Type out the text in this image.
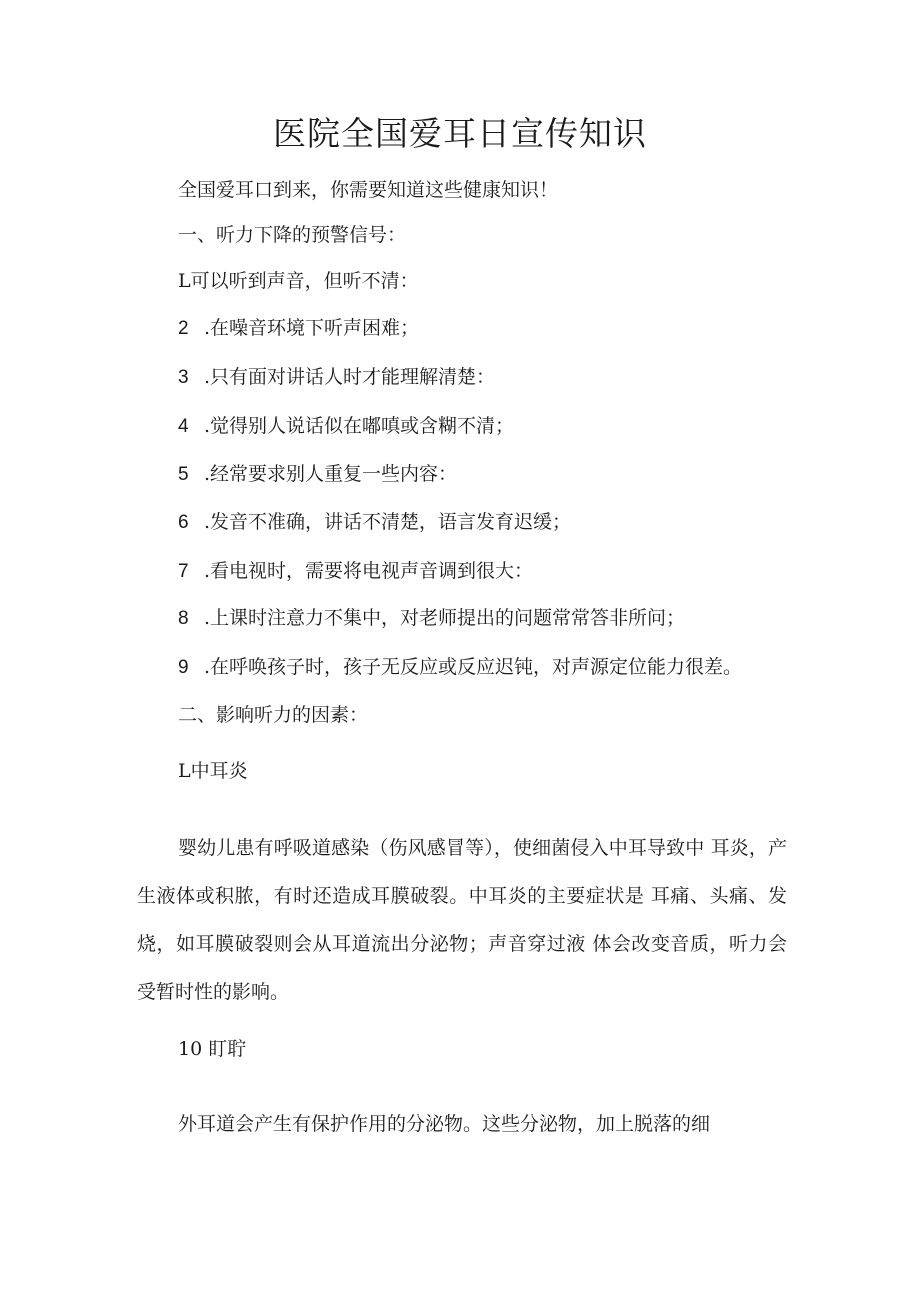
医院全国爱耳日宣传知识

全国爱耳口到来，你需要知道这些健康知识！

一、听力下降的预警信号：

L可以听到声音，但听不清：

2 .在噪音环境下听声困难；

3 .只有面对讲话人时才能理解清楚：

4 .觉得别人说话似在嘟嗔或含糊不清；

5 .经常要求别人重复一些内容：

6 .发音不准确，讲话不清楚，语言发育迟缓；

7 .看电视时，需要将电视声音调到很大：

8 .上课时注意力不集中，对老师提出的问题常常答非所问；

9 .在呼唤孩子时，孩子无反应或反应迟钝，对声源定位能力很差。

二、影响听力的因素：

L中耳炎

婴幼儿患有呼吸道感染（伤风感冒等），使细菌侵入中耳导致中 耳炎，产生液体或积脓，有时还造成耳膜破裂。中耳炎的主要症状是 耳痛、头痛、发烧，如耳膜破裂则会从耳道流出分泌物；声音穿过液 体会改变音质，听力会受暂时性的影响。

10 盯聍

外耳道会产生有保护作用的分泌物。这些分泌物，加上脱落的细
